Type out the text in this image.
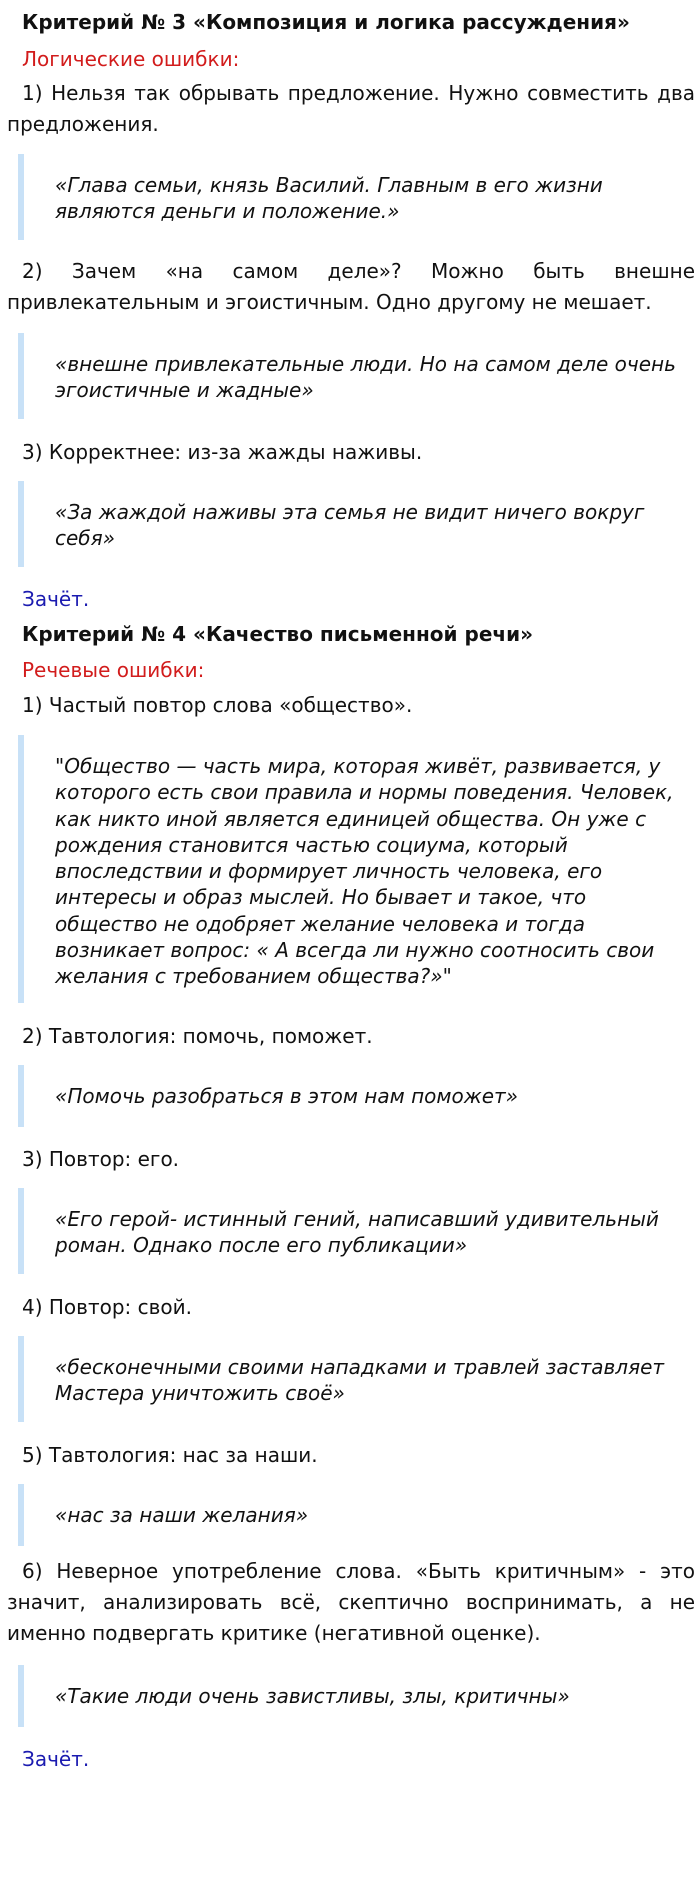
Критерий № 3 «Композиция и логика рассуждения»
Логические ошибки:
1) Нельзя так обрывать предложение. Нужно совместить два предложения.
«Глава семьи, князь Василий. Главным в его жизни являются деньги и положение.»
2) Зачем «на самом деле»? Можно быть внешне привлекательным и эгоистичным. Одно другому не мешает.
«внешне привлекательные люди. Но на самом деле очень эгоистичные и жадные»
3) Корректнее: из-за жажды наживы.
«За жаждой наживы эта семья не видит ничего вокруг себя»
Зачёт.
Критерий № 4 «Качество письменной речи»
Речевые ошибки:
1) Частый повтор слова «общество».
"Общество — часть мира, которая живёт, развивается, у которого есть свои правила и нормы поведения. Человек, как никто иной является единицей общества. Он уже с рождения становится частью социума, который впоследствии и формирует личность человека, его интересы и образ мыслей. Но бывает и такое, что общество не одобряет желание человека и тогда возникает вопрос: « А всегда ли нужно соотносить свои желания с требованием общества?»"
2) Тавтология: помочь, поможет.
«Помочь разобраться в этом нам поможет»
3) Повтор: его.
«Его герой- истинный гений, написавший удивительный роман. Однако после его публикации»
4) Повтор: свой.
«бесконечными своими нападками и травлей заставляет Мастера уничтожить своё»
5) Тавтология: нас за наши.
«нас за наши желания»
6) Неверное употребление слова. «Быть критичным» - это значит, анализировать всё, скептично воспринимать, а не именно подвергать критике (негативной оценке).
«Такие люди очень завистливы, злы, критичны»
Зачёт.
